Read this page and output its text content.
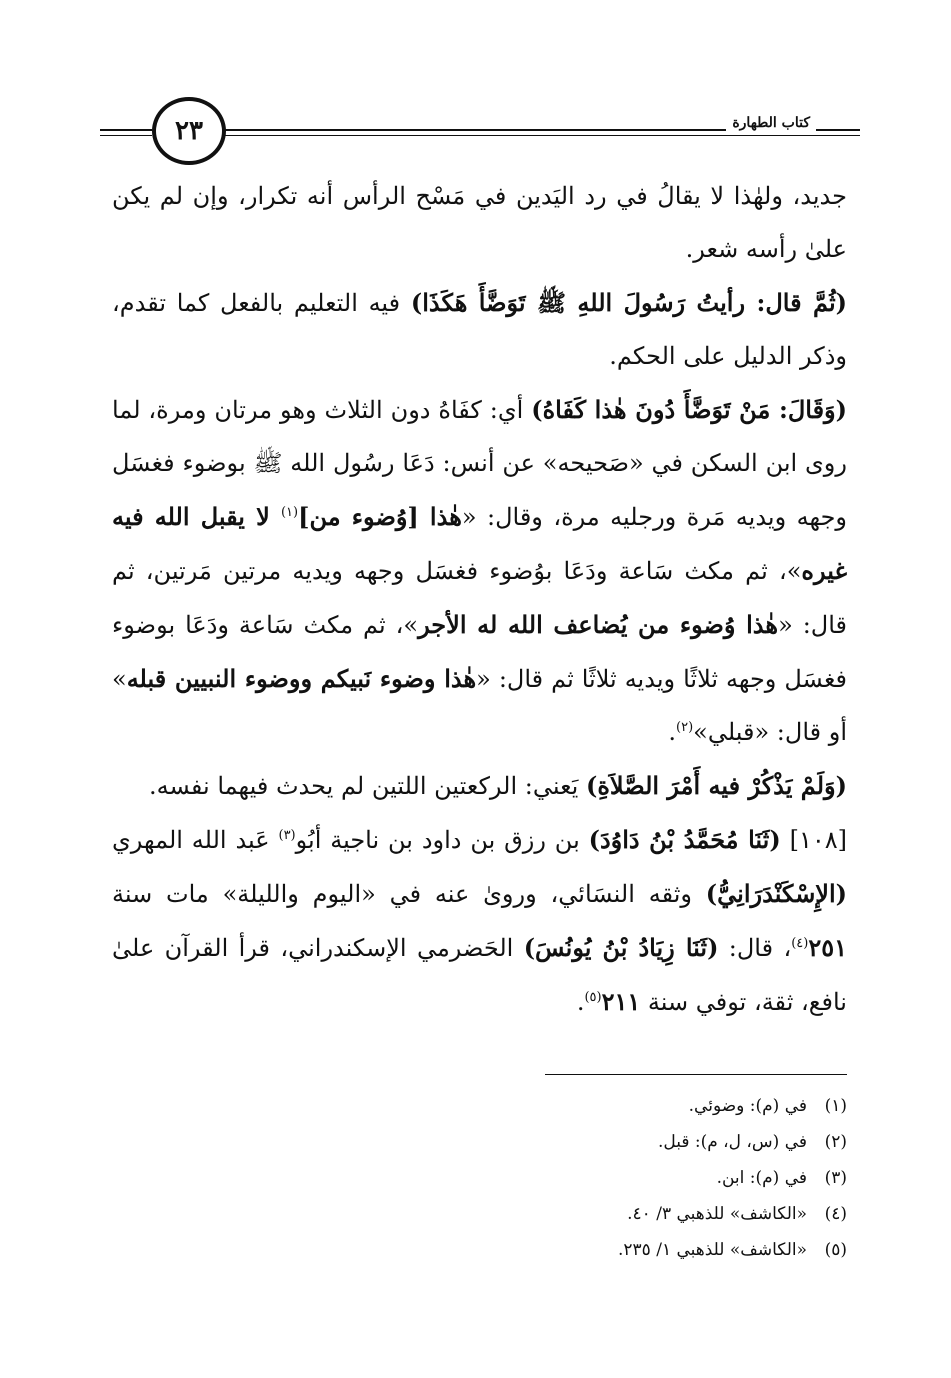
٢٣	كتاب الطهارة

جديد، ولهٰذا لا يقالُ في رد اليَدين في مَسْح الرأس أنه تكرار، وإن لم يكن علىٰ رأسه شعر.

(ثُمَّ قال: رأيتُ رَسُولَ اللهِ ﷺ تَوَضَّأَ هَكَذَا) فيه التعليم بالفعل كما تقدم، وذكر الدليل على الحكم.

(وَقَالَ: مَنْ تَوَضَّأَ دُونَ هٰذا كَفَاهُ) أي: كفَاهُ دون الثلاث وهو مرتان ومرة، لما روى ابن السكن في «صَحيحه» عن أنس: دَعَا رسُول الله ﷺ بوضوء فغسَل وجهه ويديه مَرة ورجليه مرة، وقال: «هٰذا [وُضوء من]$^{(١)}$ لا يقبل الله فيه غيره»، ثم مكث سَاعة ودَعَا بوُضوء فغسَل وجهه ويديه مرتين مَرتين، ثم قال: «هٰذا وُضوء من يُضاعف الله له الأجر»، ثم مكث سَاعة ودَعَا بوضوء فغسَل وجهه ثلاثًا ويديه ثلاثًا ثم قال: «هٰذا وضوء نَبيكم ووضوء النبيين قبله» أو قال: «قبلي»$^{(٢)}$.

(وَلَمْ يَذْكُرْ فيه أَمْرَ الصَّلاَةِ) يَعني: الركعتين اللتين لم يحدث فيهما نفسه.

[١٠٨] (ثَنَا مُحَمَّدُ بْنُ دَاوُدَ) بن رزق بن داود بن ناجية أبُو$^{(٣)}$ عَبد الله المهري (الإِسْكَنْدَرَانِيُّ) وثقه النسَائي، وروىٰ عنه في «اليوم والليلة» مات سنة ٢٥١$^{(٤)}$، قال: (ثَنَا زِيَادُ بْنُ يُونُسَ) الحَضرمي الإسكندراني، قرأ القرآن علىٰ نافع، ثقة، توفي سنة ٢١١$^{(٥)}$.

(١)في (م): وضوئي.
(٢)في (س، ل، م): قبل.
(٣)في (م): ابن.
(٤)«الكاشف» للذهبي ٣/ ٤٠.
(٥)«الكاشف» للذهبي ١/ ٢٣٥.
